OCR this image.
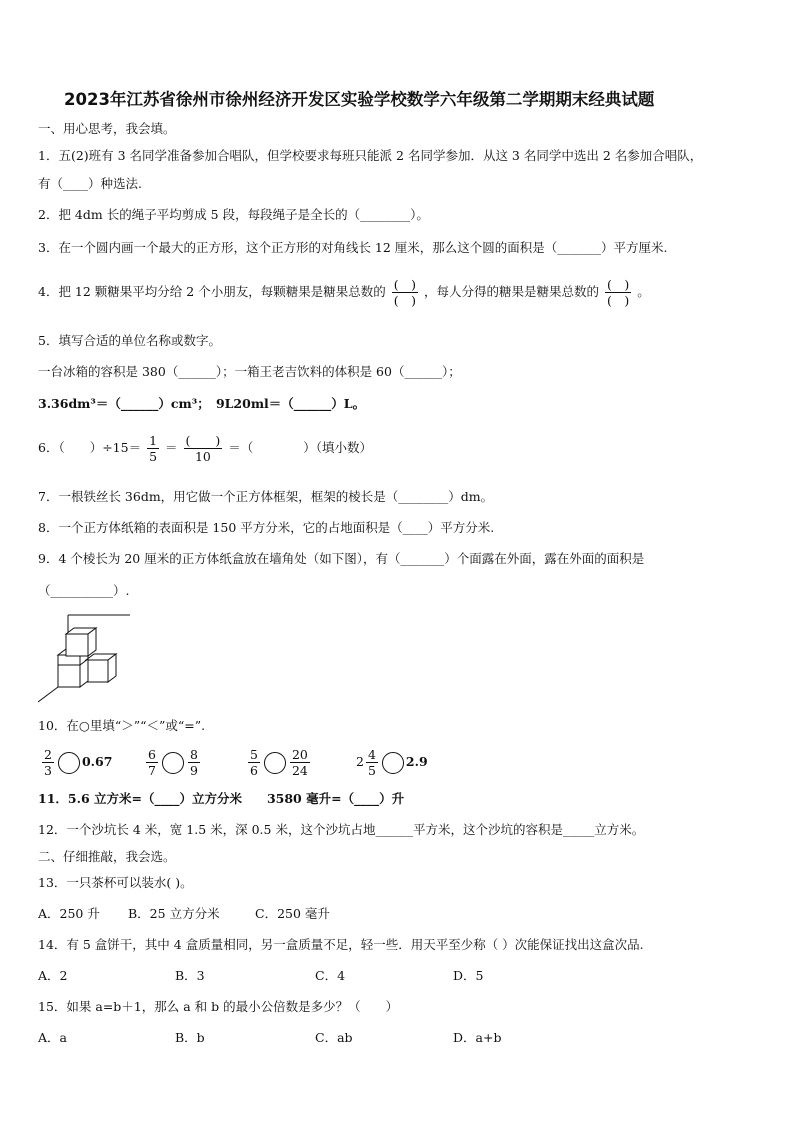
2023年江苏省徐州市徐州经济开发区实验学校数学六年级第二学期期末经典试题
一、用心思考，我会填。
1．五(2)班有 3 名同学准备参加合唱队，但学校要求每班只能派 2 名同学参加．从这 3 名同学中选出 2 名参加合唱队，
有（____）种选法.
2．把 4dm 长的绳子平均剪成 5 段，每段绳子是全长的（________）。
3．在一个圆内画一个最大的正方形，这个正方形的对角线长 12 厘米，那么这个圆的面积是（_______）平方厘米.
4．把 12 颗糖果平均分给 2 个小朋友，每颗糖果是糖果总数的 $\frac{( )}{( )}$ ，每人分得的糖果是糖果总数的 $\frac{( )}{( )}$ 。
5．填写合适的单位名称或数字。
一台冰箱的容积是 380（______）；一箱王老吉饮料的体积是 60（______）；
3.36dm³＝（______）cm³；　9L20ml＝（______）L。
6．（　　）$\div 15= \frac{1}{5} = \frac{( )}{10}$ ＝（　　　　）（填小数）
7．一根铁丝长 36dm，用它做一个正方体框架，框架的棱长是（________）dm。
8．一个正方体纸箱的表面积是 150 平方分米，它的占地面积是（____）平方分米.
9．4 个棱长为 20 厘米的正方体纸盒放在墙角处（如下图），有（_______）个面露在外面，露在外面的面积是
（__________）.
10．在○里填“＞”“＜”或“=”.
$\frac{2}{3} 0.67$	$\frac{6}{7} \frac{8}{9}$	$\frac{5}{6} \frac{20}{24}$	$2 \frac{4}{5} 2.9$
11．5.6 立方米=（____）立方分米　　3580 毫升=（____）升
12．一个沙坑长 4 米，宽 1.5 米，深 0.5 米，这个沙坑占地______平方米，这个沙坑的容积是_____立方米。
二、仔细推敲，我会选。
13．一只茶杯可以装水( )。
A．250 升 B．25 立方分米	C．250 毫升
14．有 5 盒饼干，其中 4 盒质量相同，另一盒质量不足，轻一些．用天平至少称（ ）次能保证找出这盒次品.
A．2	B．3	C．4	D．5
15．如果 a=b＋1，那么 a 和 b 的最小公倍数是多少？（　　）
A．a	B．b	C．ab	D．a+b
